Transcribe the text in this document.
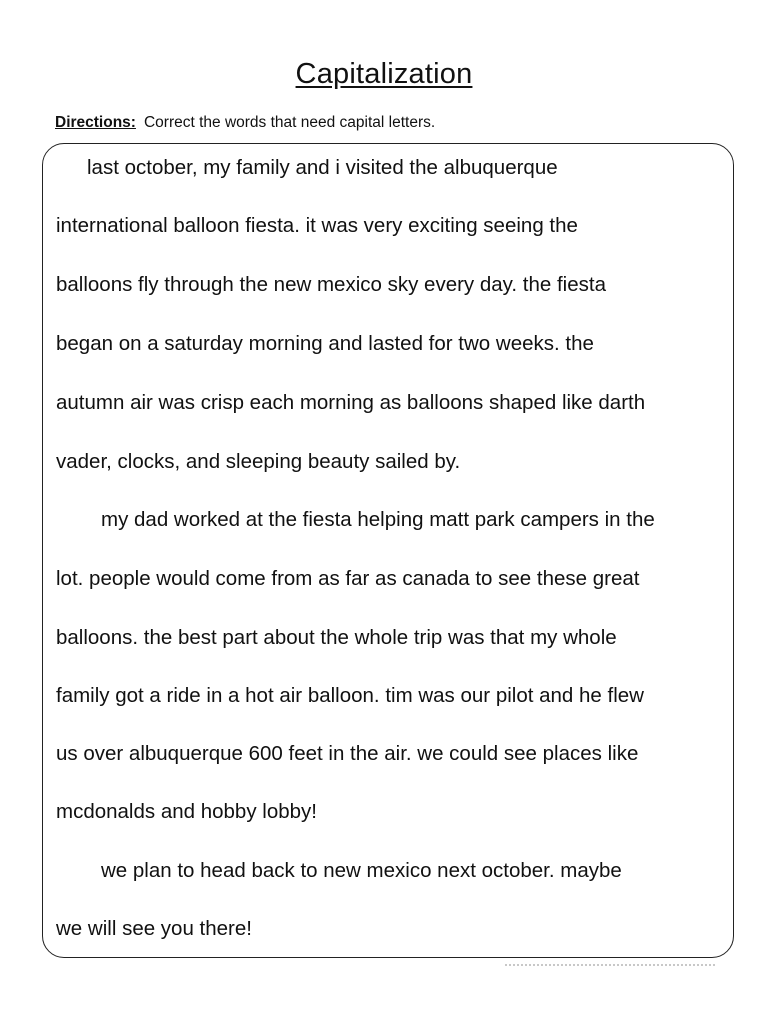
Capitalization
Directions: Correct the words that need capital letters.
last october, my family and i visited the albuquerque
international balloon fiesta. it was very exciting seeing the
balloons fly through the new mexico sky every day. the fiesta
began on a saturday morning and lasted for two weeks. the
autumn air was crisp each morning as balloons shaped like darth
vader, clocks, and sleeping beauty sailed by.
my dad worked at the fiesta helping matt park campers in the
lot. people would come from as far as canada to see these great
balloons. the best part about the whole trip was that my whole
family got a ride in a hot air balloon. tim was our pilot and he flew
us over albuquerque 600 feet in the air. we could see places like
mcdonalds and hobby lobby!
we plan to head back to new mexico next october. maybe
we will see you there!
